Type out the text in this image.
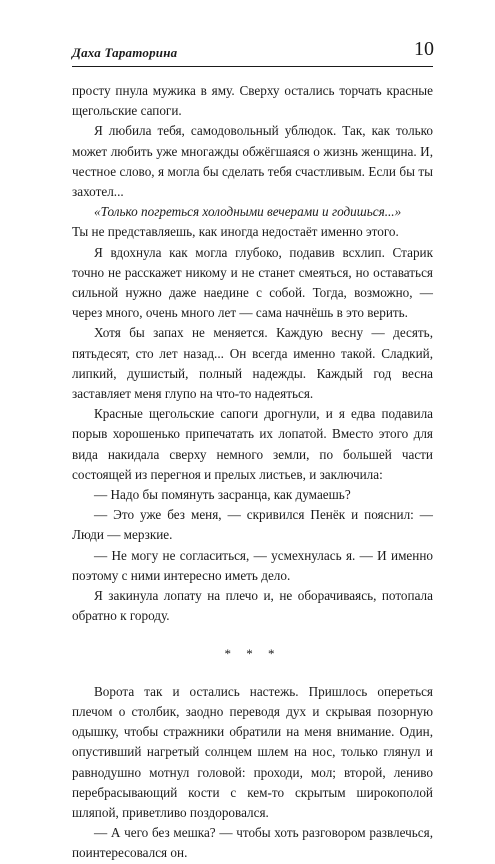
Даха Тараторина	10

просту пнула мужика в яму. Сверху остались торчать красные щегольские сапоги.

Я любила тебя, самодовольный ублюдок. Так, как только может любить уже многажды обжёгшаяся о жизнь женщина. И, честное слово, я могла бы сделать тебя счастливым. Если бы ты захотел...

«Только погреться холодными вечерами и годишься...»

Ты не представляешь, как иногда недостаёт именно этого.

Я вдохнула как могла глубоко, подавив всхлип. Старик точно не расскажет никому и не станет смеяться, но оставаться сильной нужно даже наедине с собой. Тогда, возможно, — через много, очень много лет — сама начнёшь в это верить.

Хотя бы запах не меняется. Каждую весну — десять, пятьдесят, сто лет назад... Он всегда именно такой. Сладкий, липкий, душистый, полный надежды. Каждый год весна заставляет меня глупо на что-то надеяться.

Красные щегольские сапоги дрогнули, и я едва подавила порыв хорошенько припечатать их лопатой. Вместо этого для вида накидала сверху немного земли, по большей части состоящей из перегноя и прелых листьев, и заключила:

— Надо бы помянуть засранца, как думаешь?

— Это уже без меня, — скривился Пенёк и пояснил: — Люди — мерзкие.

— Не могу не согласиться, — усмехнулась я. — И именно поэтому с ними интересно иметь дело.

Я закинула лопату на плечо и, не оборачиваясь, потопала обратно к городу.

* * *

Ворота так и остались настежь. Пришлось опереться плечом о столбик, заодно переводя дух и скрывая позорную одышку, чтобы стражники обратили на меня внимание. Один, опустивший нагретый солнцем шлем на нос, только глянул и равнодушно мотнул головой: проходи, мол; второй, лениво перебрасывающий кости с кем-то скрытым широкополой шляпой, приветливо поздоровался.

— А чего без мешка? — чтобы хоть разговором развлечься, поинтересовался он.
